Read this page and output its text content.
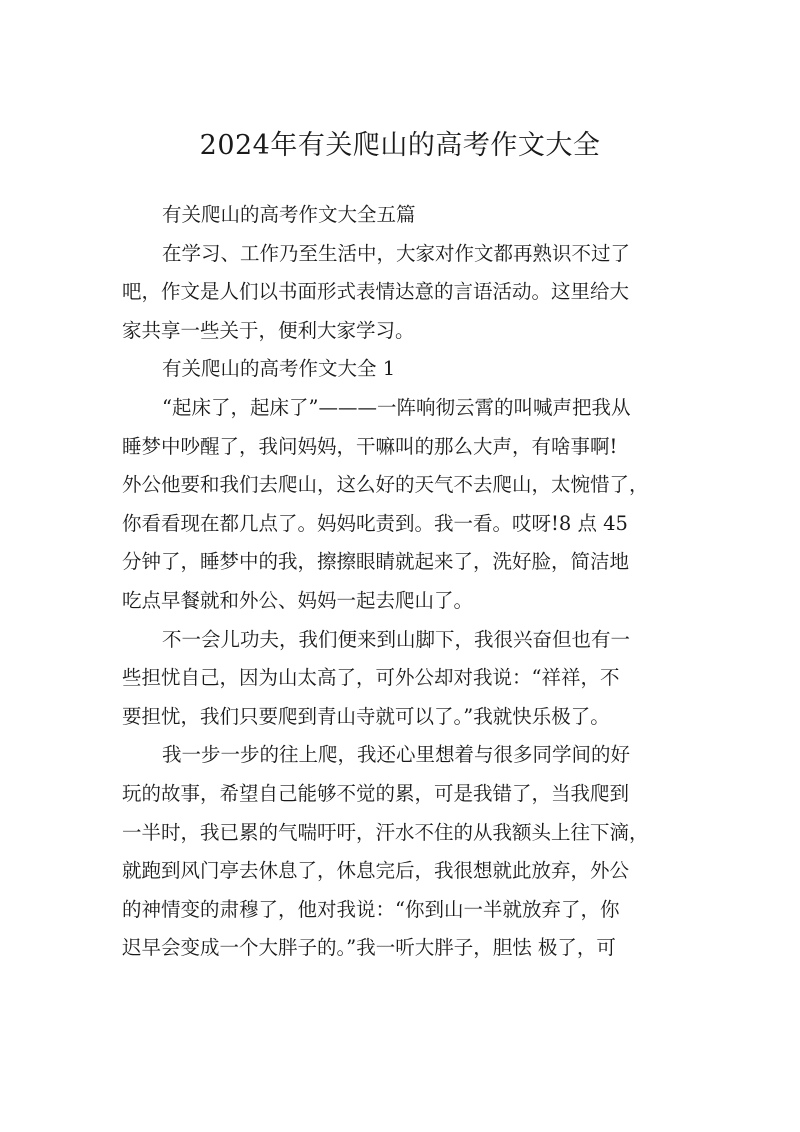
2024年有关爬山的高考作文大全
有关爬山的高考作文大全五篇
在学习、工作乃至生活中，大家对作文都再熟识不过了
吧，作文是人们以书面形式表情达意的言语活动。这里给大
家共享一些关于，便利大家学习。
有关爬山的高考作文大全 1
“起床了，起床了”———一阵响彻云霄的叫喊声把我从
睡梦中吵醒了，我问妈妈，干嘛叫的那么大声，有啥事啊!
外公他要和我们去爬山，这么好的天气不去爬山，太惋惜了，
你看看现在都几点了。妈妈叱责到。我一看。哎呀!8 点 45
分钟了，睡梦中的我，擦擦眼睛就起来了，洗好脸，简洁地
吃点早餐就和外公、妈妈一起去爬山了。
不一会儿功夫，我们便来到山脚下，我很兴奋但也有一
些担忧自己，因为山太高了，可外公却对我说：“祥祥，不
要担忧，我们只要爬到青山寺就可以了。”我就快乐极了。
我一步一步的往上爬，我还心里想着与很多同学间的好
玩的故事，希望自己能够不觉的累，可是我错了，当我爬到
一半时，我已累的气喘吁吁，汗水不住的从我额头上往下滴，
就跑到风门亭去休息了，休息完后，我很想就此放弃，外公
的神情变的肃穆了，他对我说：“你到山一半就放弃了，你
迟早会变成一个大胖子的。”我一听大胖子，胆怯 极了，可
